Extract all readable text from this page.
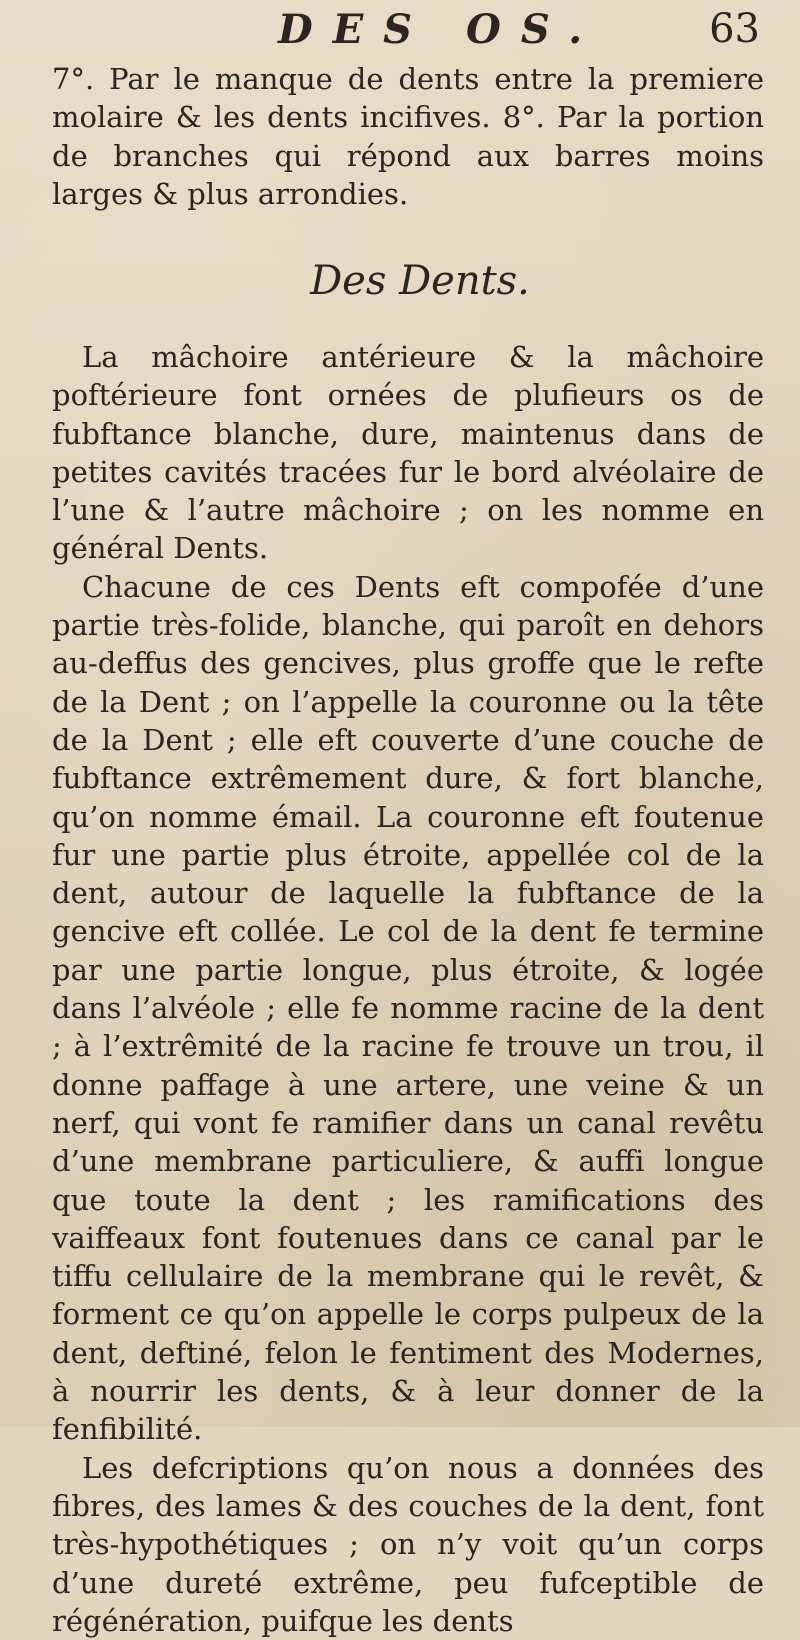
DES OS.	63
7°. Par le manque de dents entre la premiere molaire & les dents incifives. 8°. Par la portion de branches qui répond aux barres moins larges & plus arrondies.
Des Dents.

La mâchoire antérieure & la mâchoire poftérieure font ornées de plufieurs os de fubftance blanche, dure, maintenus dans de petites cavités tracées fur le bord alvéolaire de l’une & l’autre mâchoire ; on les nomme en général Dents.

Chacune de ces Dents eft compofée d’une partie très-folide, blanche, qui paroît en dehors au-deffus des gencives, plus groffe que le refte de la Dent ; on l’appelle la couronne ou la tête de la Dent ; elle eft couverte d’une couche de fubftance extrêmement dure, & fort blanche, qu’on nomme émail. La couronne eft foutenue fur une partie plus étroite, appellée col de la dent, autour de laquelle la fubftance de la gencive eft collée. Le col de la dent fe termine par une partie longue, plus étroite, & logée dans l’alvéole ; elle fe nomme racine de la dent ; à l’extrêmité de la racine fe trouve un trou, il donne paffage à une artere, une veine & un nerf, qui vont fe ramifier dans un canal revêtu d’une membrane particuliere, & auffi longue que toute la dent ; les ramifications des vaiffeaux font foutenues dans ce canal par le tiffu cellulaire de la membrane qui le revêt, & forment ce qu’on appelle le corps pulpeux de la dent, deftiné, felon le fentiment des Modernes, à nourrir les dents, & à leur donner de la fenfibilité.

Les defcriptions qu’on nous a données des fibres, des lames & des couches de la dent, font très-hypothétiques ; on n’y voit qu’un corps d’une dureté extrême, peu fufceptible de régénération, puifque les dents
